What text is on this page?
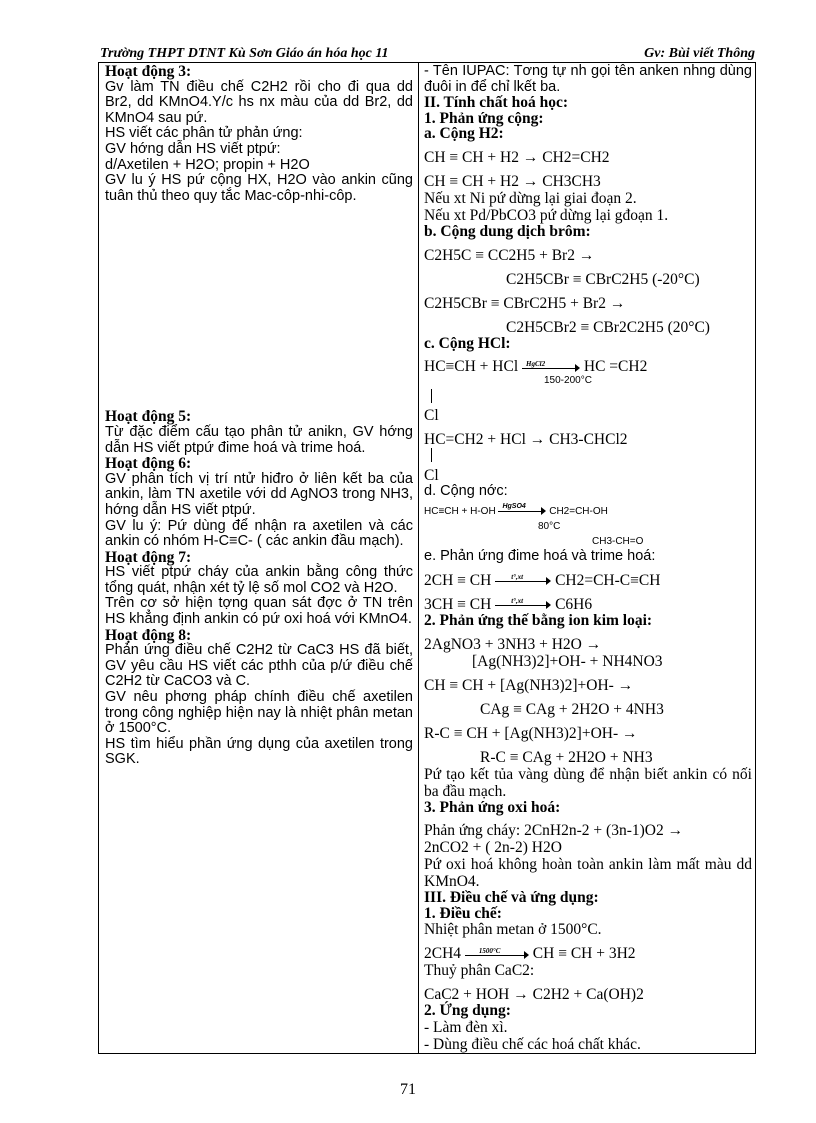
Trường THPT DTNT Kù Sơn Giáo án hóa học 11	Gv: Bùi viết Thông

Hoạt động 3:

Gv làm TN điều chế C2H2 rồi cho đi qua dd Br2, dd KMnO4.Y/c hs nx màu của dd Br2, dd KMnO4 sau pứ.

HS viết các phân tử phản ứng:

GV hớng dẫn HS viết ptpứ:

d/Axetilen + H2O; propin + H2O

GV lu ý HS pứ cộng HX, H2O vào ankin cũng tuân thủ theo quy tắc Mac-côp-nhi-côp.

Hoạt động 5:

Từ đặc điểm cấu tạo phân tử anikn, GV hớng dẫn HS viết ptpứ đime hoá và trime hoá.

Hoạt động 6:

GV phân tích vị trí ntử hiđro ở liên kết ba của ankin, làm TN axetile với dd AgNO3 trong NH3, hớng dẫn HS viết ptpứ.

GV lu ý: Pứ dùng để nhận ra axetilen và các ankin có nhóm H-C≡C- ( các ankin đầu mạch).

Hoạt động 7:

HS viết ptpứ cháy của ankin bằng công thức tổng quát, nhận xét tỷ lệ số mol CO2 và H2O.

Trên cơ sở hiện tợng quan sát đợc ở TN trên HS khẳng định ankin có pứ oxi hoá với KMnO4.

Hoạt động 8:

Phản ứng điều chế C2H2 từ CaC3 HS đã biết, GV yêu cầu HS viết các pthh của p/ứ điều chế C2H2 từ CaCO3 và C.

GV nêu phơng pháp chính điều chế axetilen trong công nghiệp hiện nay là nhiệt phân metan ở 1500°C.

HS tìm hiểu phần ứng dụng của axetilen trong SGK.

- Tên IUPAC: Tơng tự nh gọi tên anken nhng dùng đuôi in để chỉ lkết ba.

II. Tính chất hoá học:

1. Phản ứng cộng:

a. Cộng H2:

CH ≡ CH + H2 → CH2=CH2

CH ≡ CH + H2 → CH3CH3

Nếu xt Ni pứ dừng lại giai đoạn 2.

Nếu xt Pd/PbCO3 pứ dừng lại gđoạn 1.

b. Cộng dung dịch brôm:

C2H5C ≡ CC2H5 + Br2 →

C2H5CBr ≡ CBrC2H5 (-20°C)

C2H5CBr ≡ CBrC2H5 + Br2 →

C2H5CBr2 ≡ CBr2C2H5 (20°C)

c. Cộng HCl:

HC≡CH + HCl HgCl2	HC =CH2

150-200°C

Cl

HC=CH2 + HCl → CH3-CHCl2

Cl

d. Cộng nớc:

HC≡CH + H-OH HgSO4 CH2=CH-OH

80°C

CH3-CH=O

e. Phản ứng đime hoá và trime hoá:

2CH ≡ CH	t°,xt CH2=CH-C≡CH

3CH ≡ CH	t°,xt C6H6

2. Phản ứng thế bằng ion kim loại:

2AgNO3 + 3NH3 + H2O →

[Ag(NH3)2]+OH- + NH4NO3

CH ≡ CH + [Ag(NH3)2]+OH- →

CAg ≡ CAg + 2H2O + 4NH3

R-C ≡ CH + [Ag(NH3)2]+OH- →

R-C ≡ CAg + 2H2O + NH3

Pứ tạo kết tủa vàng dùng để nhận biết ankin có nối ba đầu mạch.

3. Phản ứng oxi hoá:

Phản ứng cháy: 2CnH2n-2 + (3n-1)O2 →

2nCO2 + ( 2n-2) H2O

Pứ oxi hoá không hoàn toàn ankin làm mất màu dd KMnO4.

III. Điều chế và ứng dụng:

1. Điều chế:

Nhiệt phân metan ở 1500°C.

2CH4	1500°C CH ≡ CH + 3H2

Thuỷ phân CaC2:

CaC2 + HOH → C2H2 + Ca(OH)2

2. Ứng dụng:

- Làm đèn xì.

- Dùng điều chế các hoá chất khác.

71
